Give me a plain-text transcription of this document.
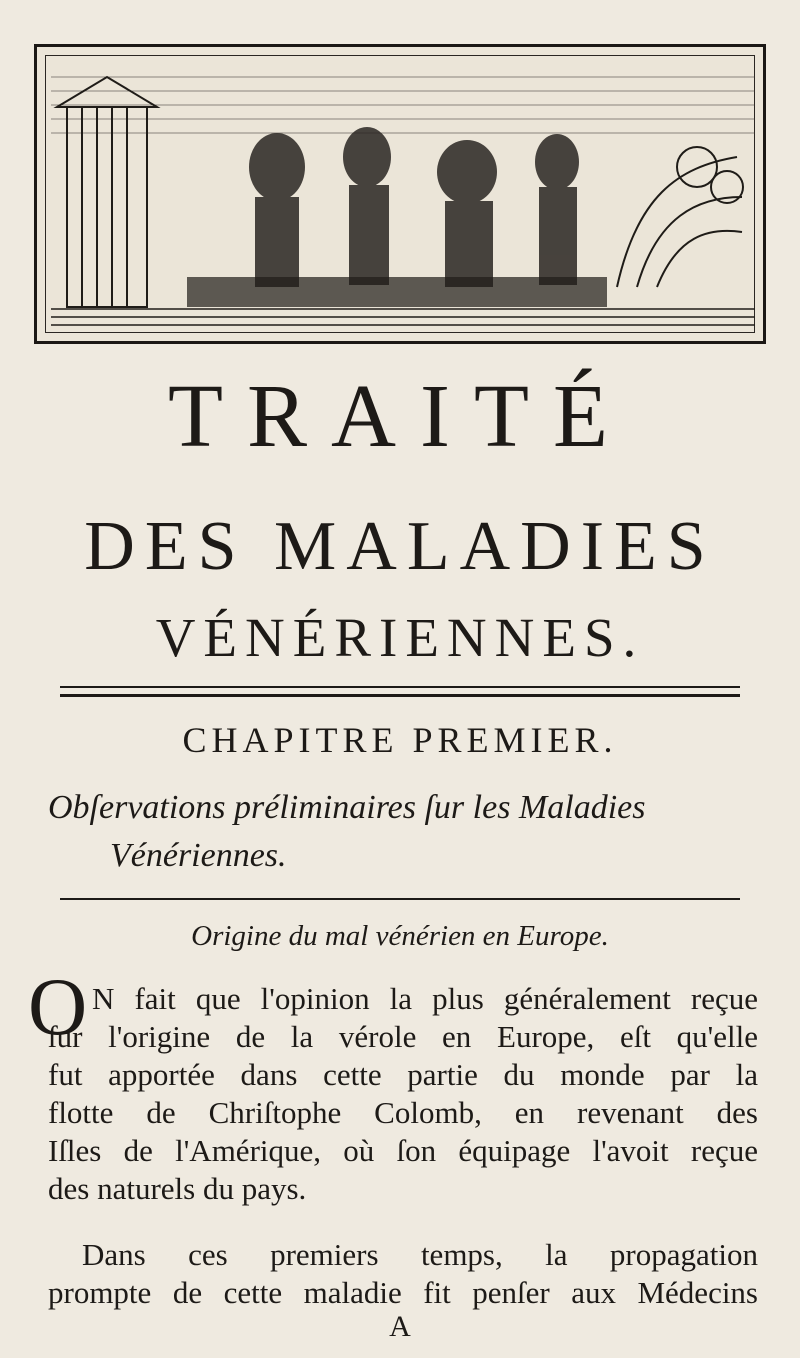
TRAITÉ
DES MALADIES
VÉNÉRIENNES.
CHAPITRE PREMIER.
Obſervations préliminaires ſur les Maladies
Vénériennes.
Origine du mal vénérien en Europe.
O N fait que l'opinion la plus généralement reçue
ſur l'origine de la vérole en Europe, eſt qu'elle
fut apportée dans cette partie du monde par la
flotte de Chriſtophe Colomb, en revenant des
Iſles de l'Amérique, où ſon équipage l'avoit reçue
des naturels du pays.
Dans ces premiers temps, la propagation
prompte de cette maladie fit penſer aux Médecins
A
